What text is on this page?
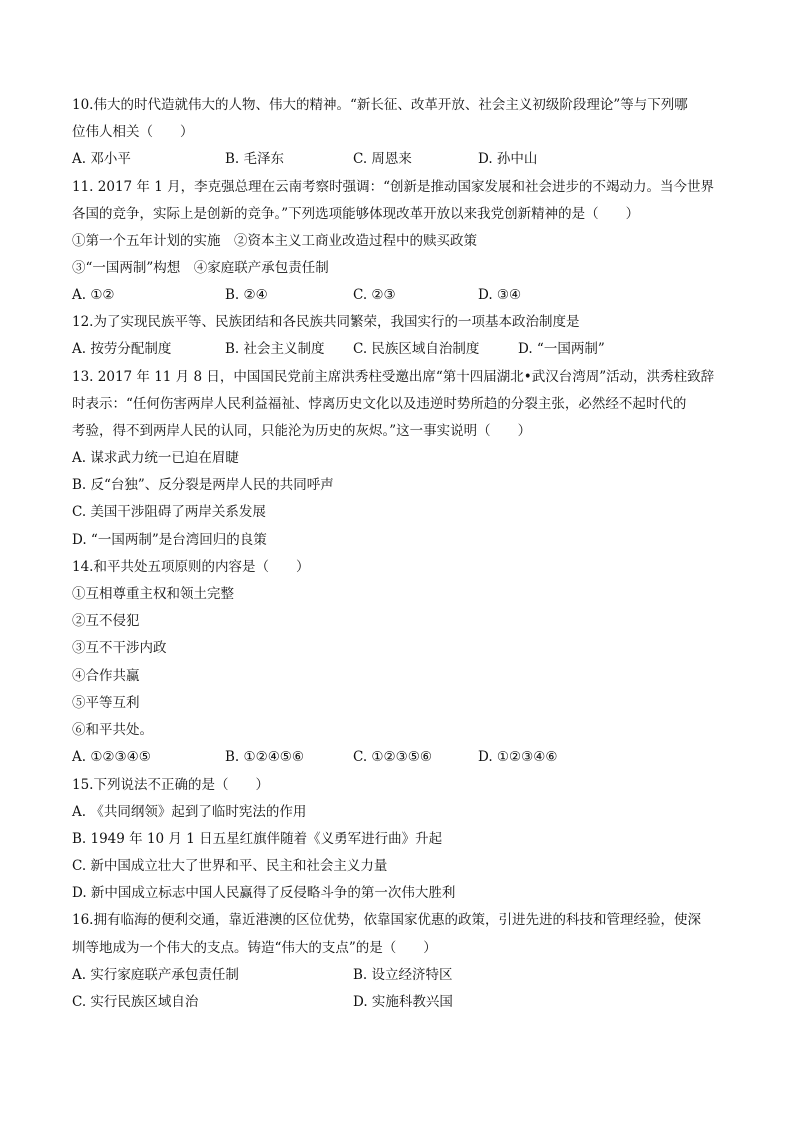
10.伟大的时代造就伟大的人物、伟大的精神。“新长征、改革开放、社会主义初级阶段理论”等与下列哪
位伟人相关（　　）
A. 邓小平	B. 毛泽东	C. 周恩来	D. 孙中山
11. 2017 年 1 月，李克强总理在云南考察时强调：“创新是推动国家发展和社会进步的不竭动力。当今世界
各国的竞争，实际上是创新的竞争。”下列选项能够体现改革开放以来我党创新精神的是（　　）
①第一个五年计划的实施　②资本主义工商业改造过程中的赎买政策
③“一国两制”构想　④家庭联产承包责任制
A. ①②	B. ②④	C. ②③	D. ③④
12.为了实现民族平等、民族团结和各民族共同繁荣，我国实行的一项基本政治制度是
A. 按劳分配制度	B. 社会主义制度 C. 民族区域自治制度	D. “一国两制”
13. 2017 年 11 月 8 日，中国国民党前主席洪秀柱受邀出席“第十四届湖北•武汉台湾周”活动，洪秀柱致辞
时表示：“任何伤害两岸人民利益福祉、悖离历史文化以及违逆时势所趋的分裂主张，必然经不起时代的
考验，得不到两岸人民的认同，只能沦为历史的灰烬。”这一事实说明（　　）
A. 谋求武力统一已迫在眉睫
B. 反“台独”、反分裂是两岸人民的共同呼声
C. 美国干涉阻碍了两岸关系发展
D. “一国两制”是台湾回归的良策
14.和平共处五项原则的内容是（　　）
①互相尊重主权和领土完整
②互不侵犯
③互不干涉内政
④合作共赢
⑤平等互利
⑥和平共处。
A. ①②③④⑤	B. ①②④⑤⑥	C. ①②③⑤⑥	D. ①②③④⑥
15.下列说法不正确的是（　　）
A. 《共同纲领》起到了临时宪法的作用
B. 1949 年 10 月 1 日五星红旗伴随着《义勇军进行曲》升起
C. 新中国成立壮大了世界和平、民主和社会主义力量
D. 新中国成立标志中国人民赢得了反侵略斗争的第一次伟大胜利
16.拥有临海的便利交通，靠近港澳的区位优势，依靠国家优惠的政策，引进先进的科技和管理经验，使深
圳等地成为一个伟大的支点。铸造“伟大的支点”的是（　　）
A. 实行家庭联产承包责任制	B. 设立经济特区
C. 实行民族区域自治	D. 实施科教兴国
